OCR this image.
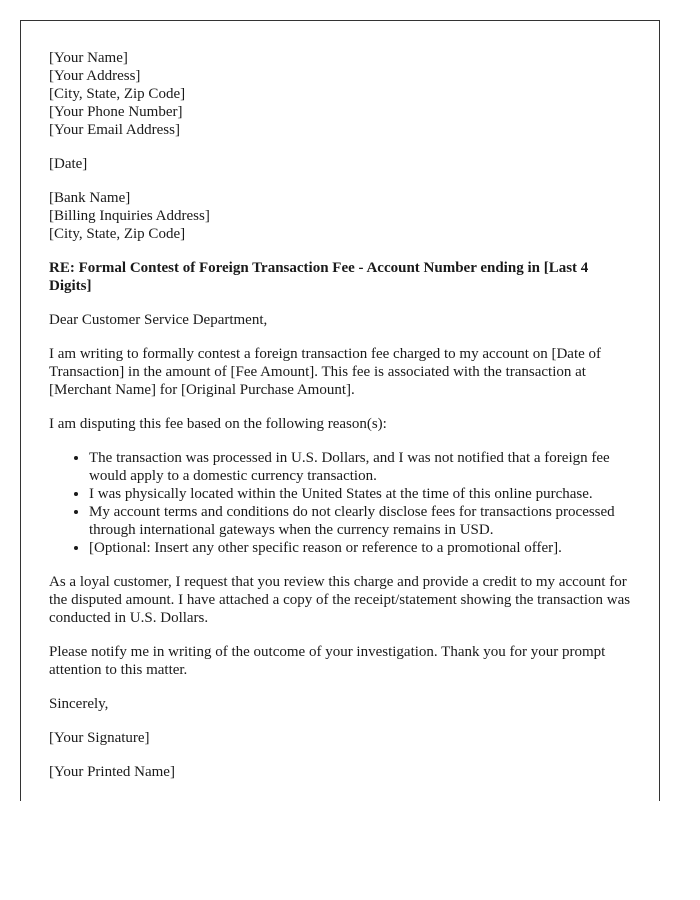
[Your Name]
[Your Address]
[City, State, Zip Code]
[Your Phone Number]
[Your Email Address]

[Date]

[Bank Name]
[Billing Inquiries Address]
[City, State, Zip Code]
RE: Formal Contest of Foreign Transaction Fee - Account Number ending in [Last 4 Digits]

Dear Customer Service Department,

I am writing to formally contest a foreign transaction fee charged to my account on [Date of Transaction] in the amount of [Fee Amount]. This fee is associated with the transaction at [Merchant Name] for [Original Purchase Amount].

I am disputing this fee based on the following reason(s):

• The transaction was processed in U.S. Dollars, and I was not notified that a foreign fee would apply to a domestic currency transaction.
• I was physically located within the United States at the time of this online purchase.
• My account terms and conditions do not clearly disclose fees for transactions processed through international gateways when the currency remains in USD.
• [Optional: Insert any other specific reason or reference to a promotional offer].

As a loyal customer, I request that you review this charge and provide a credit to my account for the disputed amount. I have attached a copy of the receipt/statement showing the transaction was conducted in U.S. Dollars.

Please notify me in writing of the outcome of your investigation. Thank you for your prompt attention to this matter.

Sincerely,

[Your Signature]

[Your Printed Name]
